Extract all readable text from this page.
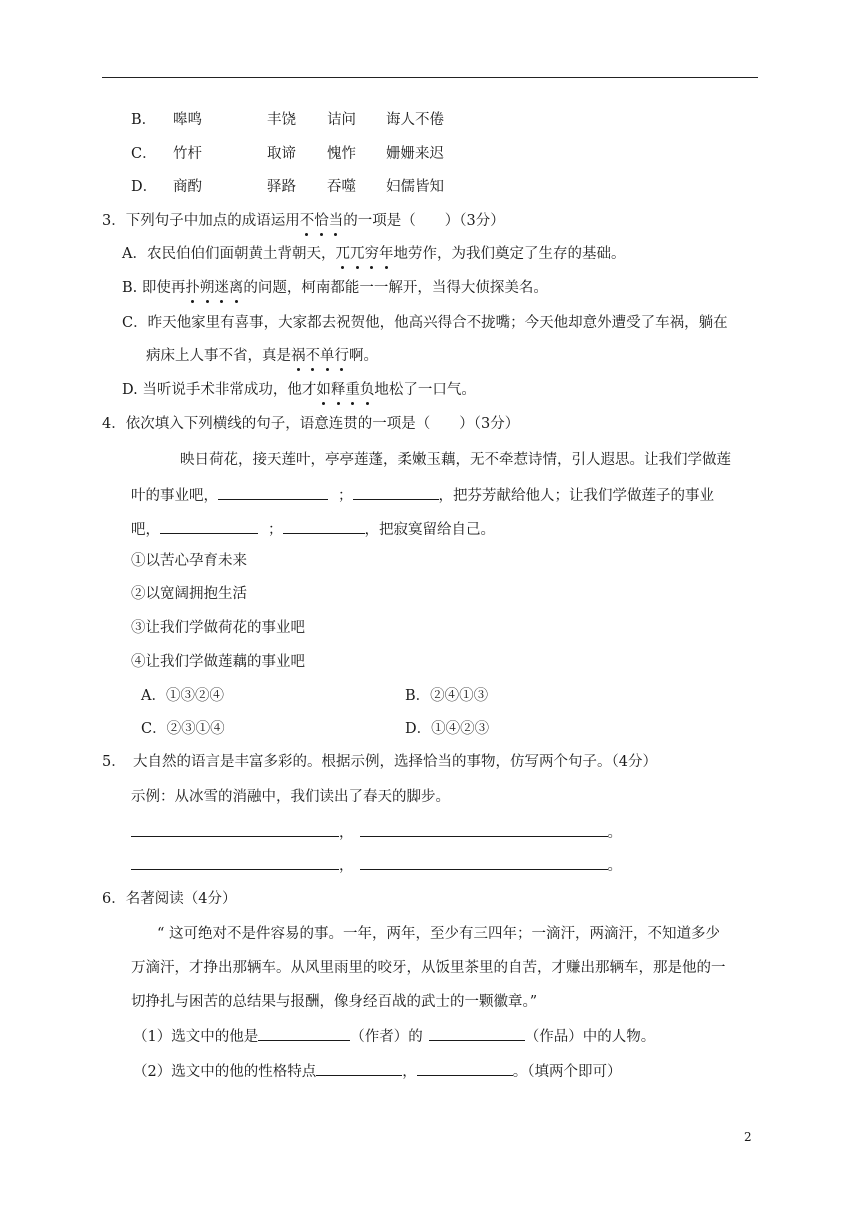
B． 嗥鸣	丰饶 诘问 诲人不倦
C． 竹杆	取谛 愧怍 姗姗来迟
D． 商酌	驿路 吞噬 妇儒皆知
3．下列句子中加点的成语运用不恰当的一项是（　　）（3分）
A．农民伯伯们面朝黄土背朝天，兀兀穷年地劳作，为我们奠定了生存的基础。
B. 即使再扑朔迷离的问题，柯南都能一一解开，当得大侦探美名。
C．昨天他家里有喜事，大家都去祝贺他，他高兴得合不拢嘴；今天他却意外遭受了车祸，躺在
病床上人事不省，真是祸不单行啊。
D. 当听说手术非常成功，他才如释重负地松了一口气。
4．依次填入下列横线的句子，语意连贯的一项是（　　）（3分）
映日荷花，接天莲叶，亭亭莲蓬，柔嫩玉藕，无不牵惹诗情，引人遐思。让我们学做莲
叶的事业吧，	；	，把芬芳献给他人；让我们学做莲子的事业
吧，	；	，把寂寞留给自己。
①以苦心孕育未来
②以宽阔拥抱生活
③让我们学做荷花的事业吧
④让我们学做莲藕的事业吧
A．①③②④	B．②④①③
C．②③①④	D．①④②③
5．　大自然的语言是丰富多彩的。根据示例，选择恰当的事物，仿写两个句子。（4分）
示例：从冰雪的消融中，我们读出了春天的脚步。
，	。
，	。
6．名著阅读（4分）
“ 这可绝对不是件容易的事。一年，两年，至少有三四年；一滴汗，两滴汗，不知道多少
万滴汗，才挣出那辆车。从风里雨里的咬牙，从饭里茶里的自苦，才赚出那辆车，那是他的一
切挣扎与困苦的总结果与报酬，像身经百战的武士的一颗徽章。”
（1）选文中的他是	（作者）的	（作品）中的人物。
（2）选文中的他的性格特点	，	。（填两个即可）
2
